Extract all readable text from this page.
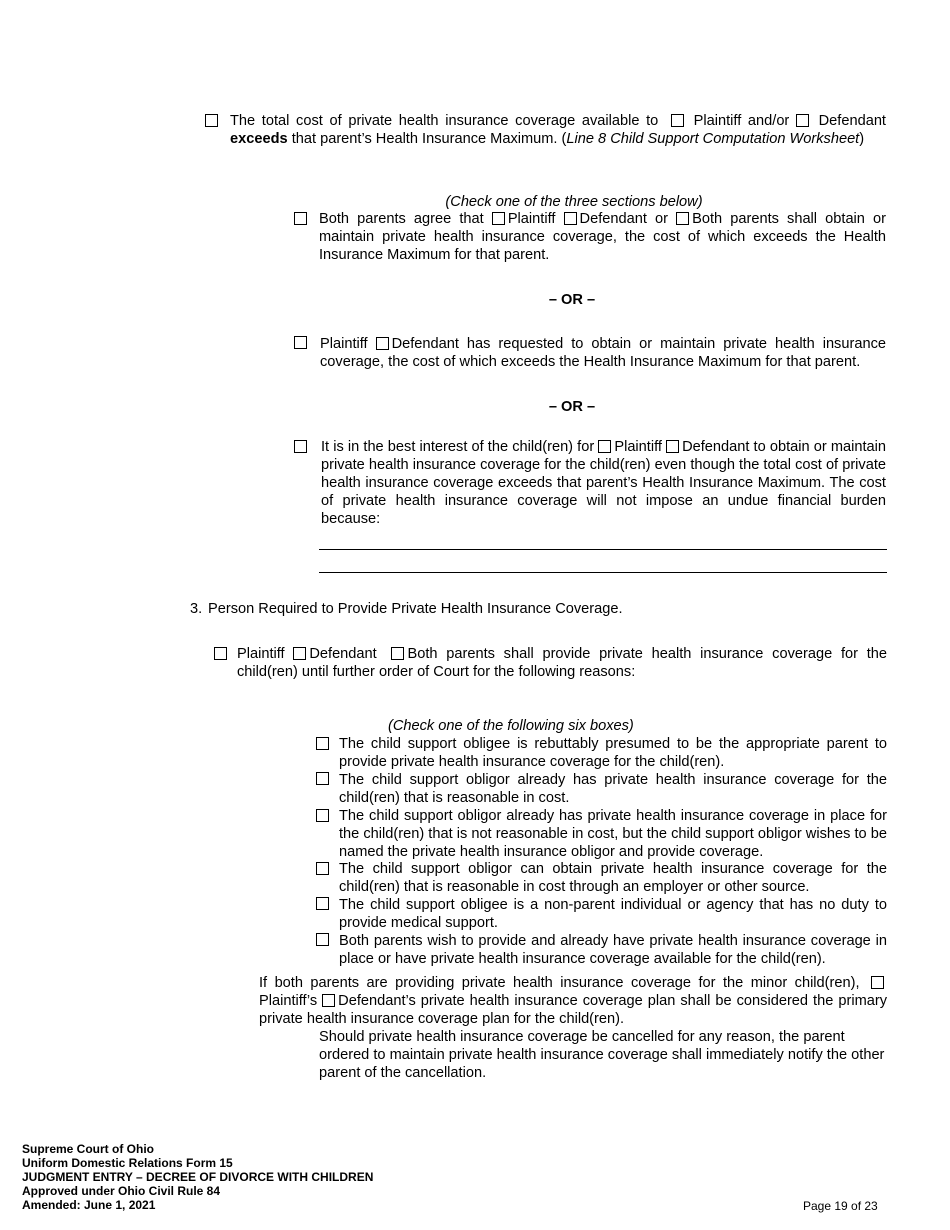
The total cost of private health insurance coverage available to Plaintiff and/or Defendant exceeds that parent’s Health Insurance Maximum. (Line 8 Child Support Computation Worksheet)
(Check one of the three sections below)
Both parents agree that Plaintiff Defendant or Both parents shall obtain or maintain private health insurance coverage, the cost of which exceeds the Health Insurance Maximum for that parent.
– OR –
Plaintiff Defendant has requested to obtain or maintain private health insurance coverage, the cost of which exceeds the Health Insurance Maximum for that parent.
– OR –
It is in the best interest of the child(ren) for Plaintiff Defendant to obtain or maintain private health insurance coverage for the child(ren) even though the total cost of private health insurance coverage exceeds that parent’s Health Insurance Maximum. The cost of private health insurance coverage will not impose an undue financial burden because:
3. Person Required to Provide Private Health Insurance Coverage.
Plaintiff Defendant Both parents shall provide private health insurance coverage for the child(ren) until further order of Court for the following reasons:
(Check one of the following six boxes)
The child support obligee is rebuttably presumed to be the appropriate parent to provide private health insurance coverage for the child(ren).
The child support obligor already has private health insurance coverage for the child(ren) that is reasonable in cost.
The child support obligor already has private health insurance coverage in place for the child(ren) that is not reasonable in cost, but the child support obligor wishes to be named the private health insurance obligor and provide coverage.
The child support obligor can obtain private health insurance coverage for the child(ren) that is reasonable in cost through an employer or other source.
The child support obligee is a non-parent individual or agency that has no duty to provide medical support.
Both parents wish to provide and already have private health insurance coverage in place or have private health insurance coverage available for the child(ren).
If both parents are providing private health insurance coverage for the minor child(ren),  Plaintiff’s Defendant’s private health insurance coverage plan shall be considered the primary private health insurance coverage plan for the child(ren).
Should private health insurance coverage be cancelled for any reason, the parent ordered to maintain private health insurance coverage shall immediately notify the other parent of the cancellation.
Supreme Court of Ohio
Uniform Domestic Relations Form 15
JUDGMENT ENTRY – DECREE OF DIVORCE WITH CHILDREN
Approved under Ohio Civil Rule 84
Amended: June 1, 2021	Page 19 of 23
